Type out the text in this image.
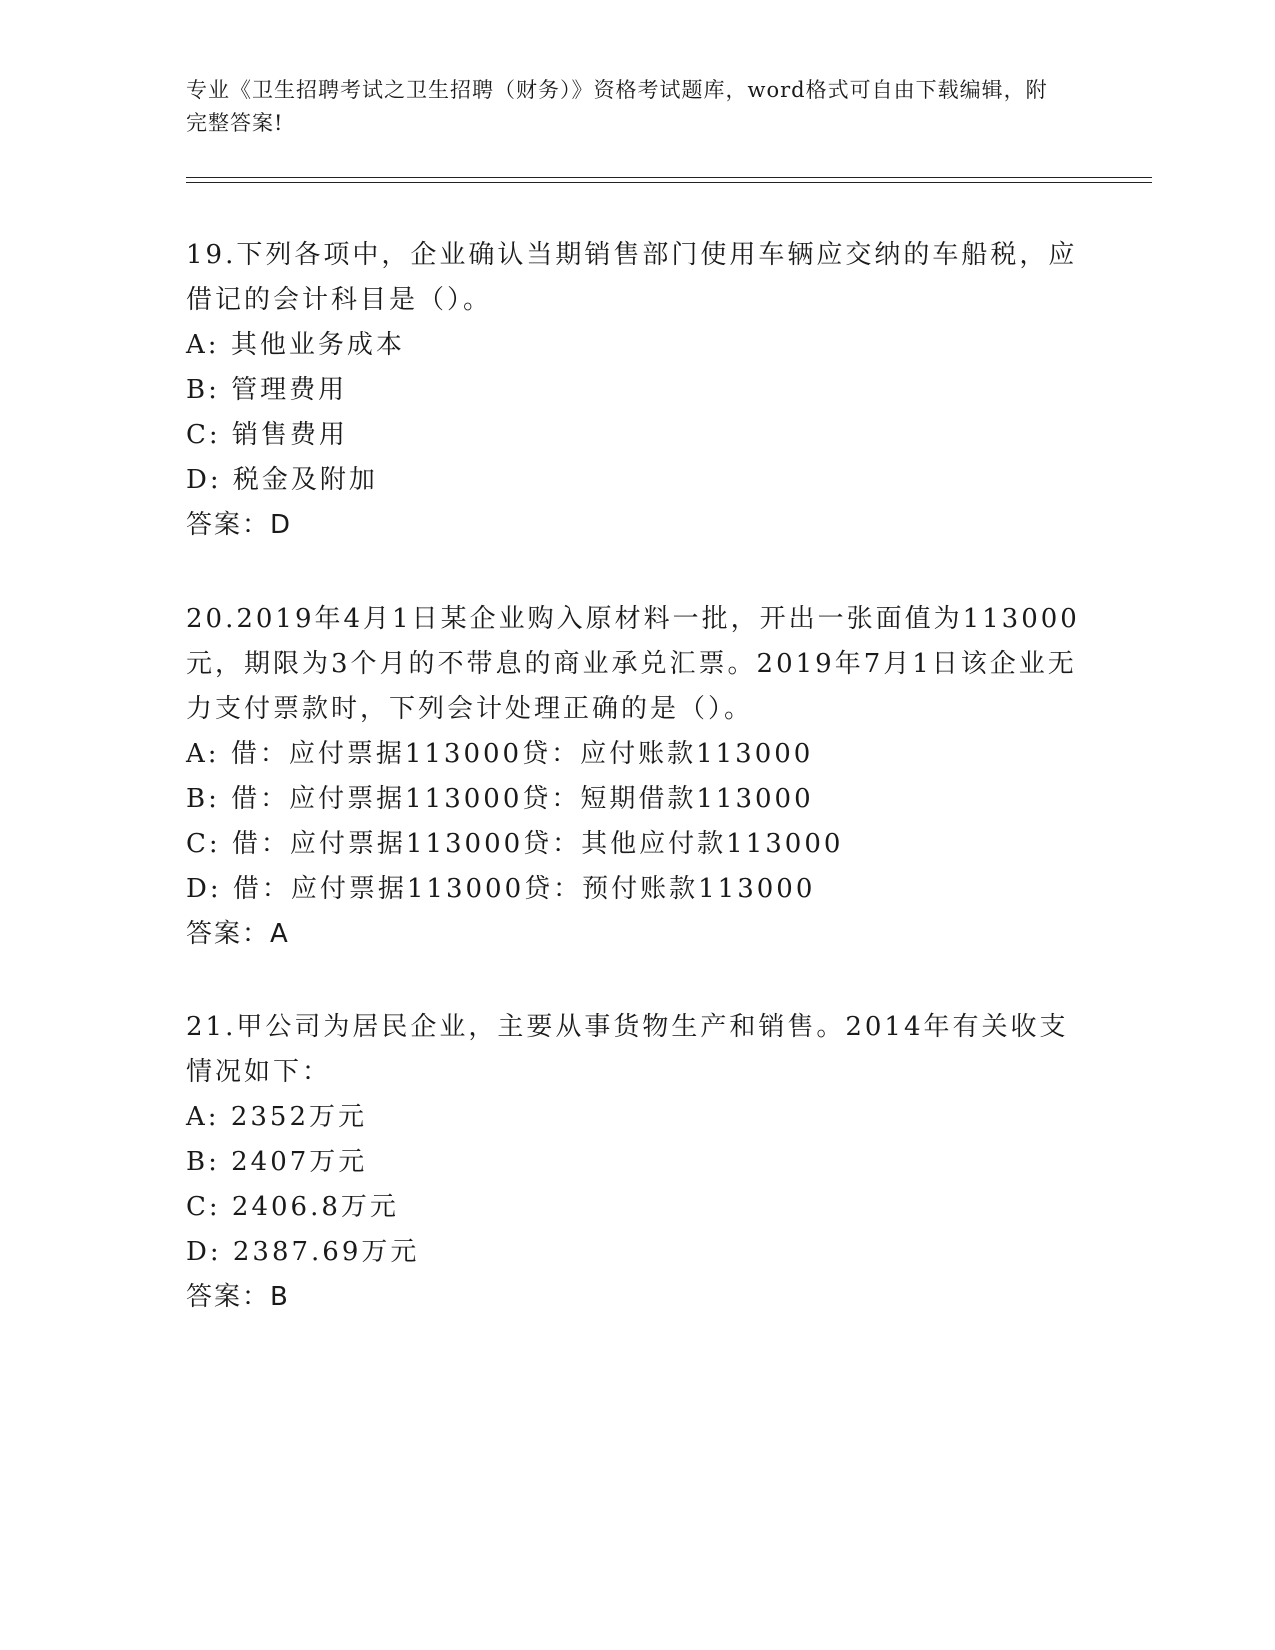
专业《卫生招聘考试之卫生招聘（财务）》资格考试题库，word格式可自由下载编辑，附完整答案!
19.下列各项中，企业确认当期销售部门使用车辆应交纳的车船税，应借记的会计科目是（）。
A: 其他业务成本
B: 管理费用
C: 销售费用
D: 税金及附加
答案：D
20.2019年4月1日某企业购入原材料一批，开出一张面值为113000元，期限为3个月的不带息的商业承兑汇票。2019年7月1日该企业无力支付票款时，下列会计处理正确的是（）。
A: 借：应付票据113000贷：应付账款113000
B: 借：应付票据113000贷：短期借款113000
C: 借：应付票据113000贷：其他应付款113000
D: 借：应付票据113000贷：预付账款113000
答案：A
21.甲公司为居民企业，主要从事货物生产和销售。2014年有关收支情况如下：
A: 2352万元
B: 2407万元
C: 2406.8万元
D: 2387.69万元
答案：B
